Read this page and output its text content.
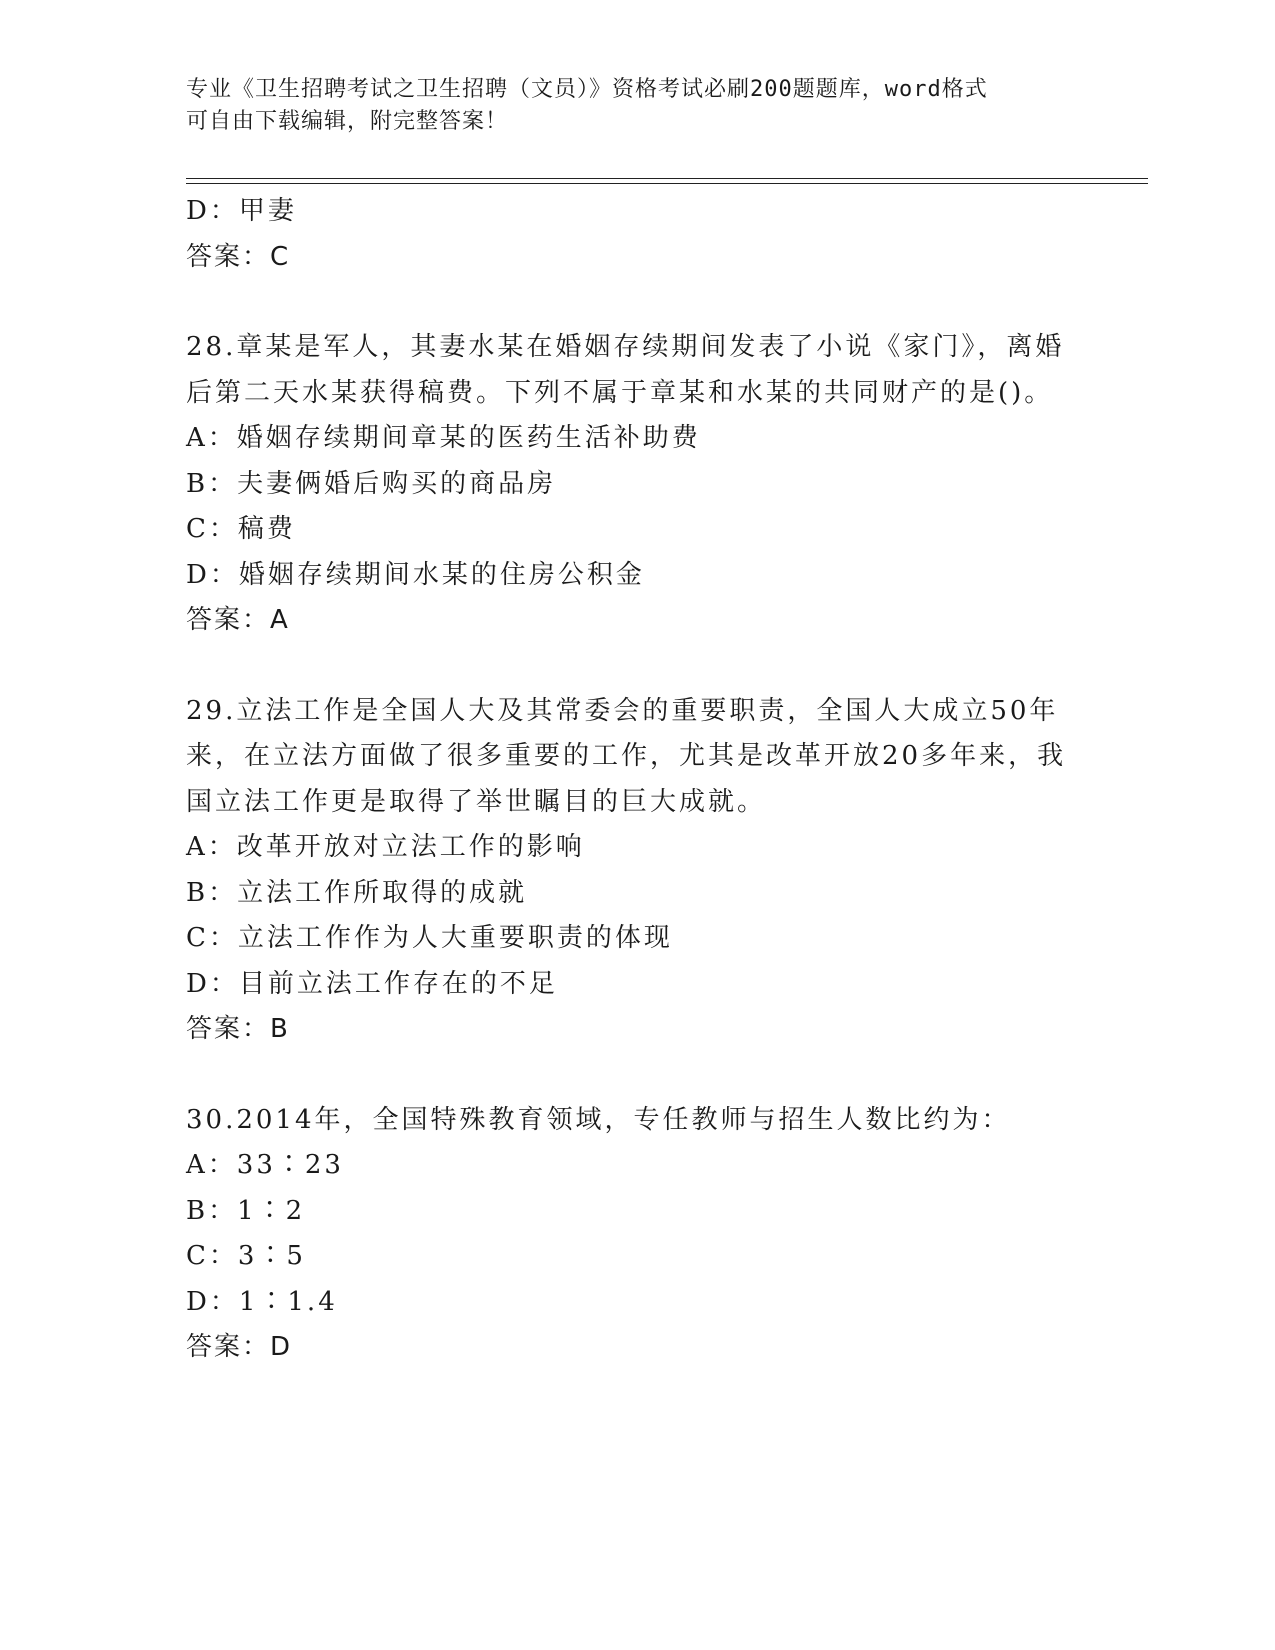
专业《卫生招聘考试之卫生招聘（文员）》资格考试必刷200题题库，word格式
可自由下载编辑，附完整答案！
D：甲妻
答案：C
28.章某是军人，其妻水某在婚姻存续期间发表了小说《家门》，离婚
后第二天水某获得稿费。下列不属于章某和水某的共同财产的是()。
A：婚姻存续期间章某的医药生活补助费
B：夫妻俩婚后购买的商品房
C：稿费
D：婚姻存续期间水某的住房公积金
答案：A
29.立法工作是全国人大及其常委会的重要职责，全国人大成立50年
来，在立法方面做了很多重要的工作，尤其是改革开放20多年来，我
国立法工作更是取得了举世瞩目的巨大成就。
A：改革开放对立法工作的影响
B：立法工作所取得的成就
C：立法工作作为人大重要职责的体现
D：目前立法工作存在的不足
答案：B
30.2014年，全国特殊教育领域，专任教师与招生人数比约为：
A：33∶23
B：1∶2
C：3∶5
D：1∶1.4
答案：D
